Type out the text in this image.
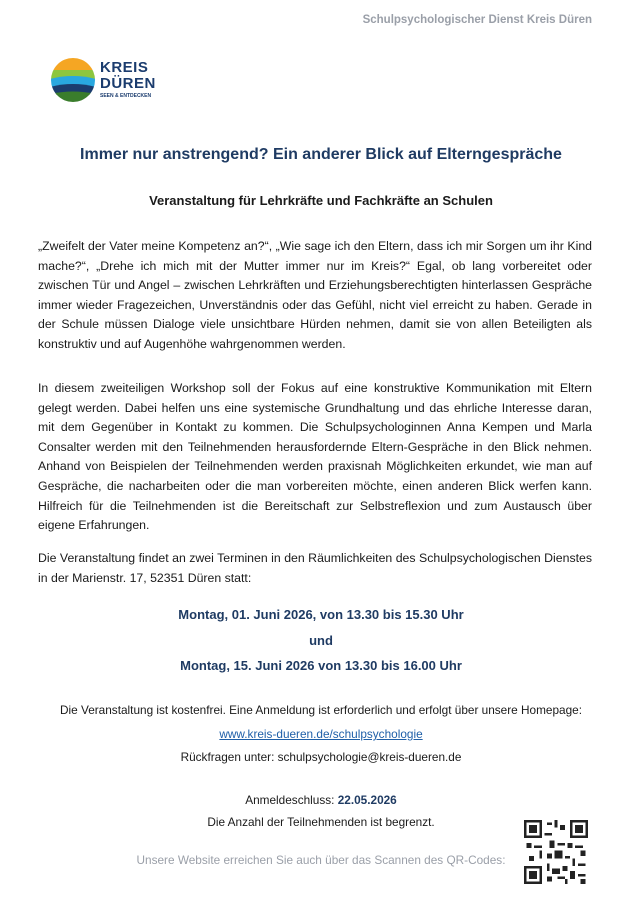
Schulpsychologischer Dienst Kreis Düren
KREIS
DÜREN
SEEN & ENTDECKEN
Immer nur anstrengend? Ein anderer Blick auf Elterngespräche
Veranstaltung für Lehrkräfte und Fachkräfte an Schulen
„Zweifelt der Vater meine Kompetenz an?“, „Wie sage ich den Eltern, dass ich mir Sorgen um ihr Kind mache?“, „Drehe ich mich mit der Mutter immer nur im Kreis?“ Egal, ob lang vorbereitet oder zwischen Tür und Angel – zwischen Lehrkräften und Erziehungsberechtigten hinterlassen Gespräche immer wieder Fragezeichen, Unverständnis oder das Gefühl, nicht viel erreicht zu haben. Gerade in der Schule müssen Dialoge viele unsichtbare Hürden nehmen, damit sie von allen Beteiligten als konstruktiv und auf Augenhöhe wahrgenommen werden.
In diesem zweiteiligen Workshop soll der Fokus auf eine konstruktive Kommunikation mit Eltern gelegt werden. Dabei helfen uns eine systemische Grundhaltung und das ehrliche Interesse daran, mit dem Gegenüber in Kontakt zu kommen. Die Schulpsychologinnen Anna Kempen und Marla Consalter werden mit den Teilnehmenden herausfordernde Eltern-Gespräche in den Blick nehmen. Anhand von Beispielen der Teilnehmenden werden praxisnah Möglichkeiten erkundet, wie man auf Gespräche, die nacharbeiten oder die man vorbereiten möchte, einen anderen Blick werfen kann. Hilfreich für die Teilnehmenden ist die Bereitschaft zur Selbstreflexion und zum Austausch über eigene Erfahrungen.
Die Veranstaltung findet an zwei Terminen in den Räumlichkeiten des Schulpsychologischen Dienstes in der Marienstr. 17, 52351 Düren statt:
Montag, 01. Juni 2026, von 13.30 bis 15.30 Uhr
und
Montag, 15. Juni 2026 von 13.30 bis 16.00 Uhr
Die Veranstaltung ist kostenfrei. Eine Anmeldung ist erforderlich und erfolgt über unsere Homepage:
www.kreis-dueren.de/schulpsychologie
Rückfragen unter: schulpsychologie@kreis-dueren.de
Anmeldeschluss: 22.05.2026
Die Anzahl der Teilnehmenden ist begrenzt.
Unsere Website erreichen Sie auch über das Scannen des QR-Codes:
